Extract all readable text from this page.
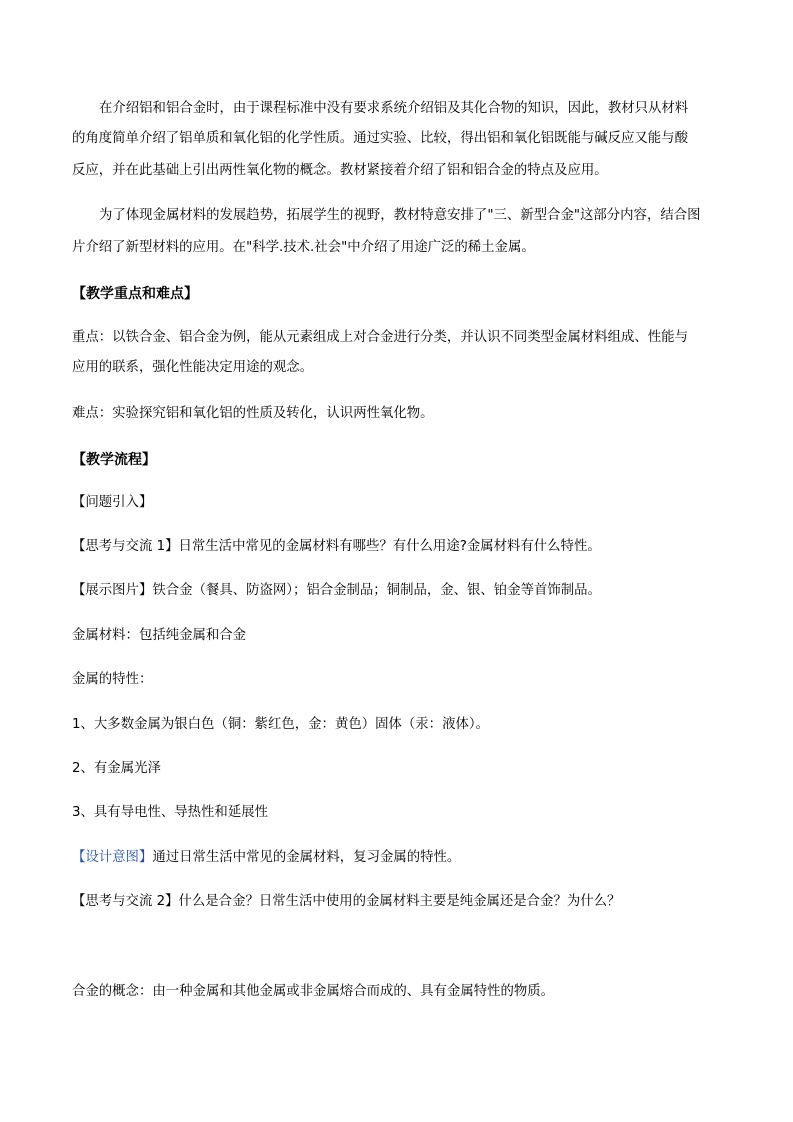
在介绍铝和铝合金时，由于课程标准中没有要求系统介绍铝及其化合物的知识，因此，教材只从材料
的角度简单介绍了铝单质和氧化铝的化学性质。通过实验、比较，得出铝和氧化铝既能与碱反应又能与酸
反应，并在此基础上引出两性氧化物的概念。教材紧接着介绍了铝和铝合金的特点及应用。
为了体现金属材料的发展趋势，拓展学生的视野，教材特意安排了"三、新型合金"这部分内容，结合图
片介绍了新型材料的应用。在"科学.技术.社会"中介绍了用途广泛的稀土金属。
【教学重点和难点】
重点：以铁合金、铝合金为例，能从元素组成上对合金进行分类，并认识不同类型金属材料组成、性能与
应用的联系，强化性能决定用途的观念。
难点：实验探究铝和氧化铝的性质及转化，认识两性氧化物。
【教学流程】
【问题引入】
【思考与交流 1】日常生活中常见的金属材料有哪些？有什么用途?金属材料有什么特性。
【展示图片】铁合金（餐具、防盗网）；铝合金制品；铜制品，金、银、铂金等首饰制品。
金属材料：包括纯金属和合金
金属的特性：
1、大多数金属为银白色（铜：紫红色，金：黄色）固体（汞：液体）。
2、有金属光泽
3、具有导电性、导热性和延展性
【设计意图】通过日常生活中常见的金属材料，复习金属的特性。
【思考与交流 2】什么是合金？日常生活中使用的金属材料主要是纯金属还是合金？为什么？
合金的概念：由一种金属和其他金属或非金属熔合而成的、具有金属特性的物质。
